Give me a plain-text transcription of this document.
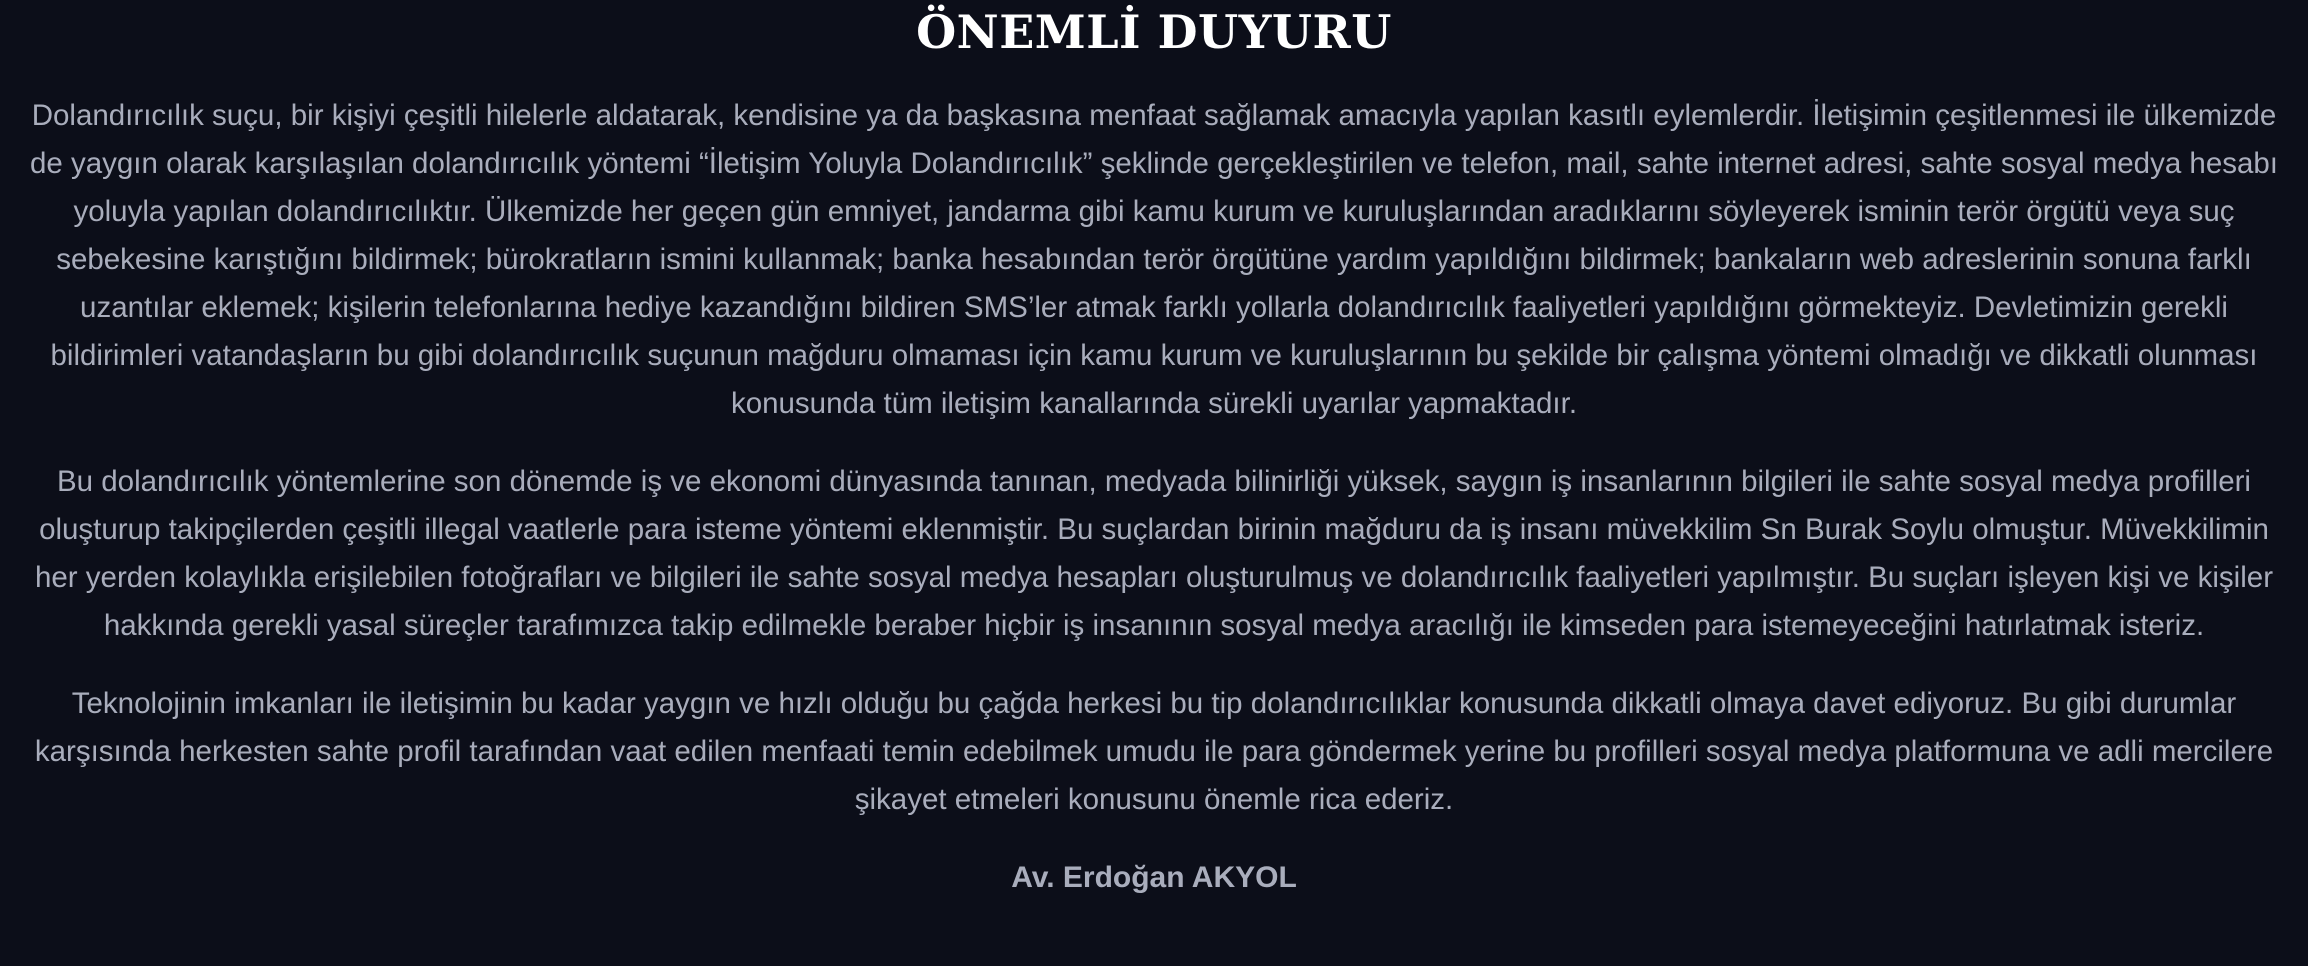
ÖNEMLİ DUYURU

Dolandırıcılık suçu, bir kişiyi çeşitli hilelerle aldatarak, kendisine ya da başkasına menfaat sağlamak amacıyla yapılan kasıtlı eylemlerdir. İletişimin çeşitlenmesi ile ülkemizde de yaygın olarak karşılaşılan dolandırıcılık yöntemi “İletişim Yoluyla Dolandırıcılık” şeklinde gerçekleştirilen ve telefon, mail, sahte internet adresi, sahte sosyal medya hesabı yoluyla yapılan dolandırıcılıktır. Ülkemizde her geçen gün emniyet, jandarma gibi kamu kurum ve kuruluşlarından aradıklarını söyleyerek isminin terör örgütü veya suç sebekesine karıştığını bildirmek; bürokratların ismini kullanmak; banka hesabından terör örgütüne yardım yapıldığını bildirmek; bankaların web adreslerinin sonuna farklı uzantılar eklemek; kişilerin telefonlarına hediye kazandığını bildiren SMS’ler atmak farklı yollarla dolandırıcılık faaliyetleri yapıldığını görmekteyiz. Devletimizin gerekli bildirimleri vatandaşların bu gibi dolandırıcılık suçunun mağduru olmaması için kamu kurum ve kuruluşlarının bu şekilde bir çalışma yöntemi olmadığı ve dikkatli olunması konusunda tüm iletişim kanallarında sürekli uyarılar yapmaktadır.

Bu dolandırıcılık yöntemlerine son dönemde iş ve ekonomi dünyasında tanınan, medyada bilinirliği yüksek, saygın iş insanlarının bilgileri ile sahte sosyal medya profilleri oluşturup takipçilerden çeşitli illegal vaatlerle para isteme yöntemi eklenmiştir. Bu suçlardan birinin mağduru da iş insanı müvekkilim Sn Burak Soylu olmuştur. Müvekkilimin her yerden kolaylıkla erişilebilen fotoğrafları ve bilgileri ile sahte sosyal medya hesapları oluşturulmuş ve dolandırıcılık faaliyetleri yapılmıştır. Bu suçları işleyen kişi ve kişiler hakkında gerekli yasal süreçler tarafımızca takip edilmekle beraber hiçbir iş insanının sosyal medya aracılığı ile kimseden para istemeyeceğini hatırlatmak isteriz.

Teknolojinin imkanları ile iletişimin bu kadar yaygın ve hızlı olduğu bu çağda herkesi bu tip dolandırıcılıklar konusunda dikkatli olmaya davet ediyoruz. Bu gibi durumlar karşısında herkesten sahte profil tarafından vaat edilen menfaati temin edebilmek umudu ile para göndermek yerine bu profilleri sosyal medya platformuna ve adli mercilere şikayet etmeleri konusunu önemle rica ederiz.

Av. Erdoğan AKYOL
